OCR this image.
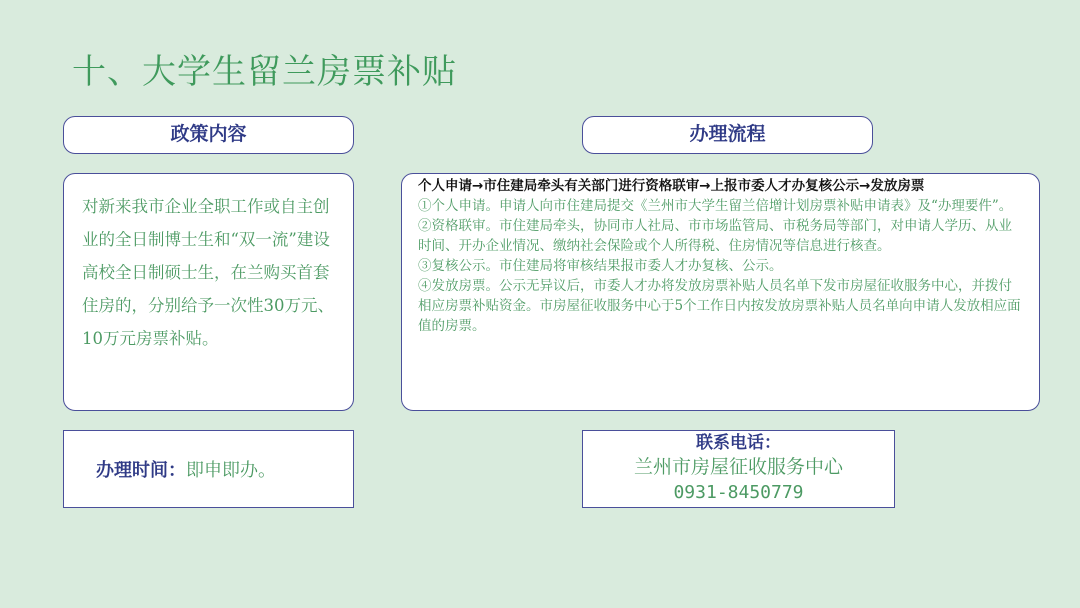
十、大学生留兰房票补贴
政策内容	办理流程
对新来我市企业全职工作或自主创业的全日制博士生和“双一流”建设高校全日制硕士生，在兰购买首套住房的，分别给予一次性30万元、10万元房票补贴。

个人申请→市住建局牵头有关部门进行资格联审→上报市委人才办复核公示→发放房票

①个人申请。申请人向市住建局提交《兰州市大学生留兰倍增计划房票补贴申请表》及“办理要件”。

②资格联审。市住建局牵头，协同市人社局、市市场监管局、市税务局等部门，对申请人学历、从业时间、开办企业情况、缴纳社会保险或个人所得税、住房情况等信息进行核查。

③复核公示。市住建局将审核结果报市委人才办复核、公示。

④发放房票。公示无异议后，市委人才办将发放房票补贴人员名单下发市房屋征收服务中心，并拨付相应房票补贴资金。市房屋征收服务中心于5个工作日内按发放房票补贴人员名单向申请人发放相应面值的房票。

办理时间： 即申即办。
联系电话：
兰州市房屋征收服务中心
0931-8450779
